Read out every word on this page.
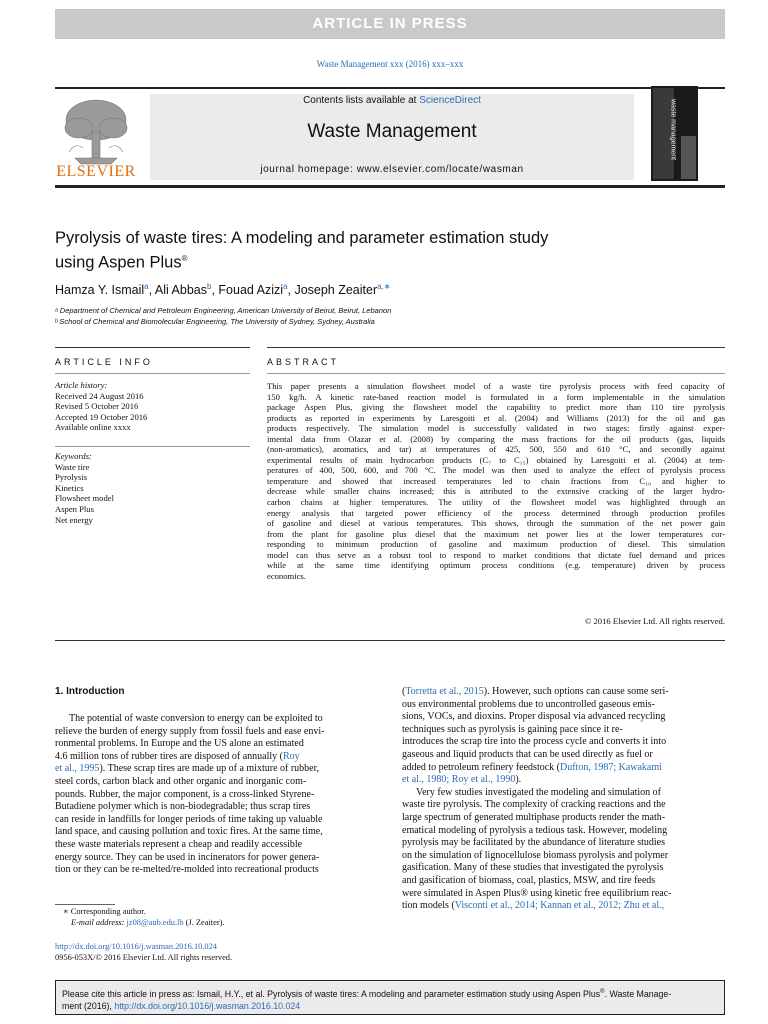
ARTICLE IN PRESS
Waste Management xxx (2016) xxx–xxx
ELSEVIER
Contents lists available at ScienceDirect
Waste Management
journal homepage: www.elsevier.com/locate/wasman
waste management
Pyrolysis of waste tires: A modeling and parameter estimation study
using Aspen Plus®
Hamza Y. Ismail$^a$, Ali Abbas$^b$, Fouad Azizi$^a$, Joseph Zeaiter$^{a,∗}$
ᵃ Department of Chemical and Petroleum Engineering, American University of Beirut, Beirut, Lebanon
ᵇ School of Chemical and Biomolecular Engineering, The University of Sydney, Sydney, Australia
ARTICLE INFO	ABSTRACT
Article history:
Received 24 August 2016
Revised 5 October 2016
Accepted 19 October 2016
Available online xxxx
Keywords:
Waste tire
Pyrolysis
Kinetics
Flowsheet model
Aspen Plus
Net energy
This paper presents a simulation flowsheet model of a waste tire pyrolysis process with feed capacity of
150 kg/h. A kinetic rate-based reaction model is formulated in a form implementable in the simulation
package Aspen Plus, giving the flowsheet model the capability to predict more than 110 tire pyrolysis
products as reported in experiments by Laresgoiti et al. (2004) and Williams (2013) for the oil and gas
products respectively. The simulation model is successfully validated in two stages: firstly against exper-
imental data from Olazar et al. (2008) by comparing the mass fractions for the oil products (gas, liquids
(non-aromatics), aromatics, and tar) at temperatures of 425, 500, 550 and 610 °C, and secondly against
experimental results of main hydrocarbon products (C₇ to C₁₅) obtained by Laresgoiti et al. (2004) at tem-
peratures of 400, 500, 600, and 700 °C. The model was then used to analyze the effect of pyrolysis process
temperature and showed that increased temperatures led to chain fractions from C₁₀ and higher to
decrease while smaller chains increased; this is attributed to the extensive cracking of the larger hydro-
carbon chains at higher temperatures. The utility of the flowsheet model was highlighted through an
energy analysis that targeted power efficiency of the process determined through production profiles
of gasoline and diesel at various temperatures. This shows, through the summation of the net power gain
from the plant for gasoline plus diesel that the maximum net power lies at the lower temperatures cor-
responding to minimum production of gasoline and maximum production of diesel. This simulation
model can thus serve as a robust tool to respond to market conditions that dictate fuel demand and prices
while at the same time identifying optimum process conditions (e.g. temperature) driven by process
economics.
© 2016 Elsevier Ltd. All rights reserved.
1. Introduction

The potential of waste conversion to energy can be exploited to
relieve the burden of energy supply from fossil fuels and ease envi-
ronmental problems. In Europe and the US alone an estimated
4.6 million tons of rubber tires are disposed of annually (Roy
et al., 1995). These scrap tires are made up of a mixture of rubber,
steel cords, carbon black and other organic and inorganic com-
pounds. Rubber, the major component, is a cross-linked Styrene-
Butadiene polymer which is non-biodegradable; thus scrap tires
can reside in landfills for longer periods of time taking up valuable
land space, and causing pollution and toxic fires. At the same time,
these waste materials represent a cheap and readily accessible
energy source. They can be used in incinerators for power genera-
tion or they can be re-melted/re-molded into recreational products

(Torretta et al., 2015). However, such options can cause some seri-
ous environmental problems due to uncontrolled gaseous emis-
sions, VOCs, and dioxins. Proper disposal via advanced recycling
techniques such as pyrolysis is gaining pace since it re-
introduces the scrap tire into the process cycle and converts it into
gaseous and liquid products that can be used directly as fuel or
added to petroleum refinery feedstock (Dufton, 1987; Kawakami
et al., 1980; Roy et al., 1990).

Very few studies investigated the modeling and simulation of
waste tire pyrolysis. The complexity of cracking reactions and the
large spectrum of generated multiphase products render the math-
ematical modeling of pyrolysis a tedious task. However, modeling
pyrolysis may be facilitated by the abundance of literature studies
on the simulation of lignocellulose biomass pyrolysis and polymer
gasification. Many of these studies that investigated the pyrolysis
and gasification of biomass, coal, plastics, MSW, and tire feeds
were simulated in Aspen Plus® using kinetic free equilibrium reac-
tion models (Visconti et al., 2014; Kannan et al., 2012; Zhu et al.,

∗ Corresponding author.
E-mail address: jz08@aub.edu.lb (J. Zeaiter).
http://dx.doi.org/10.1016/j.wasman.2016.10.024
0956-053X/© 2016 Elsevier Ltd. All rights reserved.
Please cite this article in press as: Ismail, H.Y., et al. Pyrolysis of waste tires: A modeling and parameter estimation study using Aspen Plus®. Waste Manage-
ment (2016), http://dx.doi.org/10.1016/j.wasman.2016.10.024
